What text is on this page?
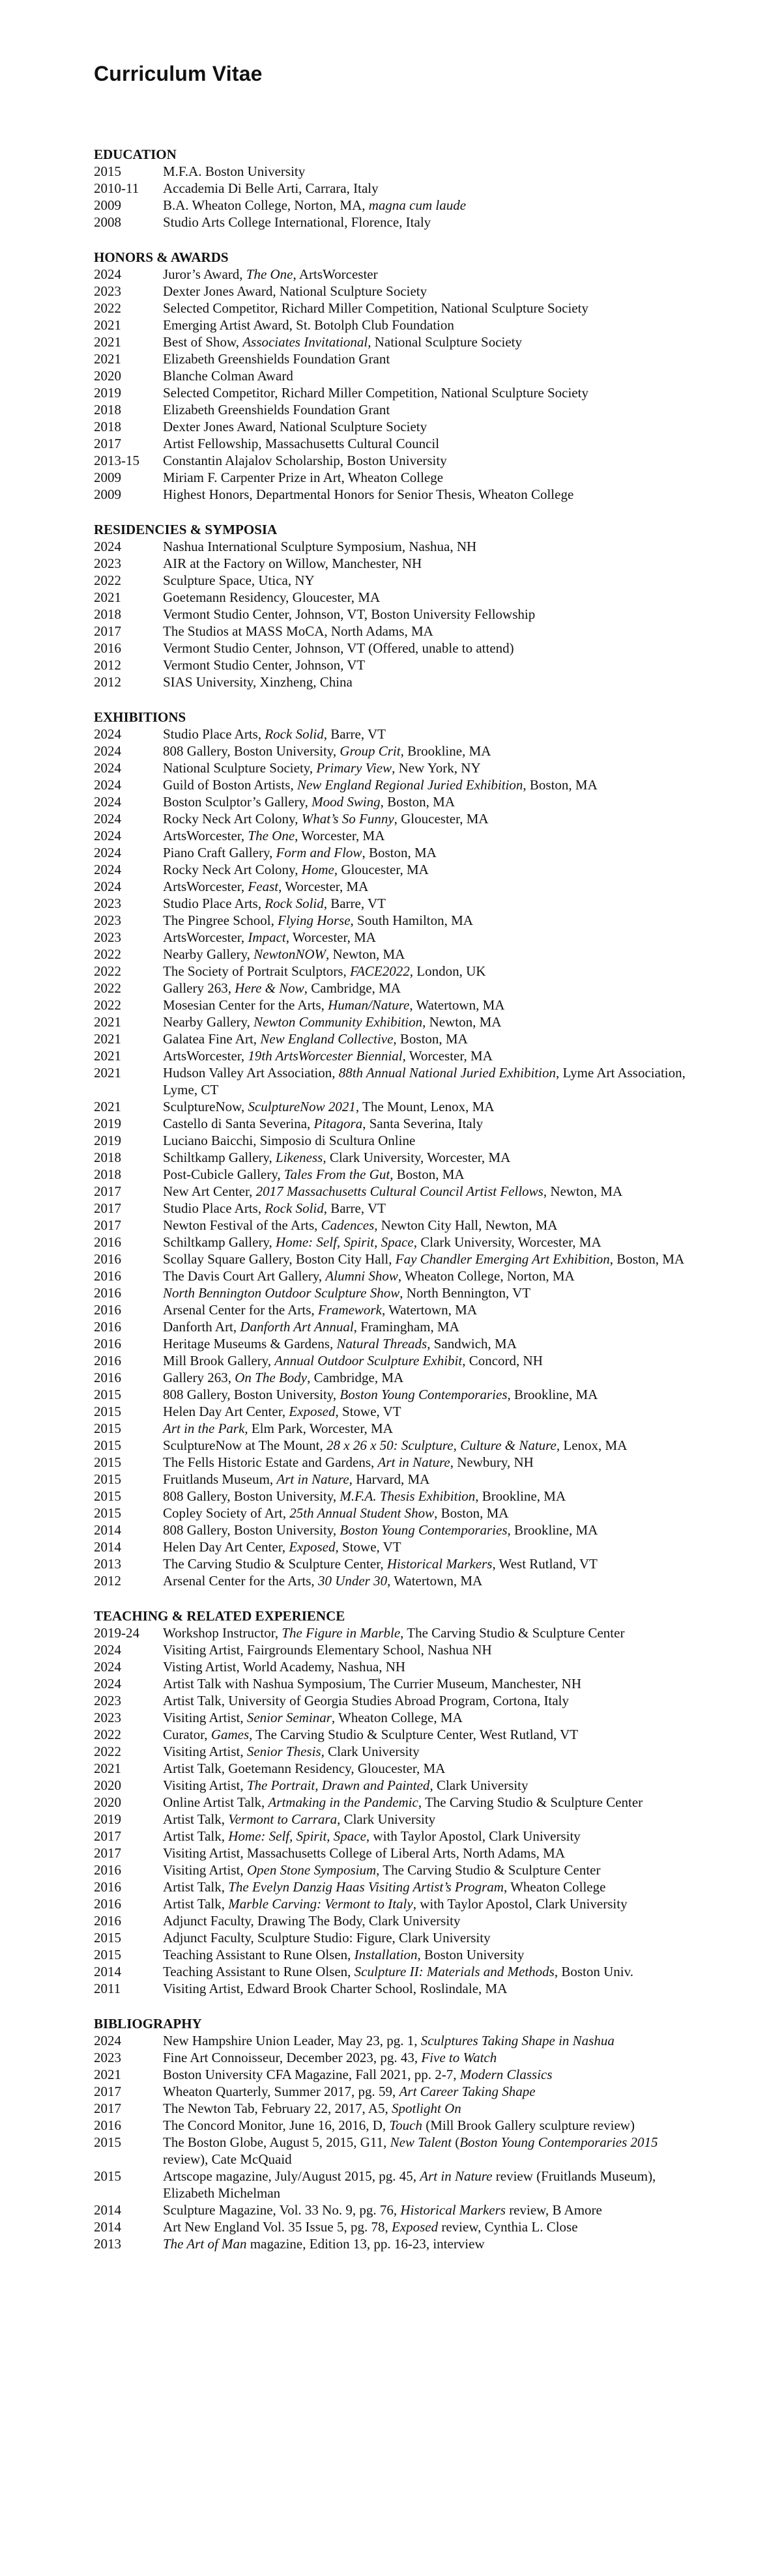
Curriculum Vitae
EDUCATION
2015	M.F.A. Boston University
2010-11	Accademia Di Belle Arti, Carrara, Italy
2009	B.A. Wheaton College, Norton, MA, magna cum laude
2008	Studio Arts College International, Florence, Italy
HONORS & AWARDS
2024	Juror’s Award, The One, ArtsWorcester
2023	Dexter Jones Award, National Sculpture Society
2022	Selected Competitor, Richard Miller Competition, National Sculpture Society
2021	Emerging Artist Award, St. Botolph Club Foundation
2021	Best of Show, Associates Invitational, National Sculpture Society
2021	Elizabeth Greenshields Foundation Grant
2020	Blanche Colman Award
2019	Selected Competitor, Richard Miller Competition, National Sculpture Society
2018	Elizabeth Greenshields Foundation Grant
2018	Dexter Jones Award, National Sculpture Society
2017	Artist Fellowship, Massachusetts Cultural Council
2013-15	Constantin Alajalov Scholarship, Boston University
2009	Miriam F. Carpenter Prize in Art, Wheaton College
2009	Highest Honors, Departmental Honors for Senior Thesis, Wheaton College
RESIDENCIES & SYMPOSIA
2024	Nashua International Sculpture Symposium, Nashua, NH
2023	AIR at the Factory on Willow, Manchester, NH
2022	Sculpture Space, Utica, NY
2021	Goetemann Residency, Gloucester, MA
2018	Vermont Studio Center, Johnson, VT, Boston University Fellowship
2017	The Studios at MASS MoCA, North Adams, MA
2016	Vermont Studio Center, Johnson, VT (Offered, unable to attend)
2012	Vermont Studio Center, Johnson, VT
2012	SIAS University, Xinzheng, China
EXHIBITIONS
2024	Studio Place Arts, Rock Solid, Barre, VT
2024	808 Gallery, Boston University, Group Crit, Brookline, MA
2024	National Sculpture Society, Primary View, New York, NY
2024	Guild of Boston Artists, New England Regional Juried Exhibition, Boston, MA
2024	Boston Sculptor’s Gallery, Mood Swing, Boston, MA
2024	Rocky Neck Art Colony, What’s So Funny, Gloucester, MA
2024	ArtsWorcester, The One, Worcester, MA
2024	Piano Craft Gallery, Form and Flow, Boston, MA
2024	Rocky Neck Art Colony, Home, Gloucester, MA
2024	ArtsWorcester, Feast, Worcester, MA
2023	Studio Place Arts, Rock Solid, Barre, VT
2023	The Pingree School, Flying Horse, South Hamilton, MA
2023	ArtsWorcester, Impact, Worcester, MA
2022	Nearby Gallery, NewtonNOW, Newton, MA
2022	The Society of Portrait Sculptors, FACE2022, London, UK
2022	Gallery 263, Here & Now, Cambridge, MA
2022	Mosesian Center for the Arts, Human/Nature, Watertown, MA
2021	Nearby Gallery, Newton Community Exhibition, Newton, MA
2021	Galatea Fine Art, New England Collective, Boston, MA
2021	ArtsWorcester, 19th ArtsWorcester Biennial, Worcester, MA
2021	Hudson Valley Art Association, 88th Annual National Juried Exhibition, Lyme Art Association, Lyme, CT
2021	SculptureNow, SculptureNow 2021, The Mount, Lenox, MA
2019	Castello di Santa Severina, Pitagora, Santa Severina, Italy
2019	Luciano Baicchi, Simposio di Scultura Online
2018	Schiltkamp Gallery, Likeness, Clark University, Worcester, MA
2018	Post-Cubicle Gallery, Tales From the Gut, Boston, MA
2017	New Art Center, 2017 Massachusetts Cultural Council Artist Fellows, Newton, MA
2017	Studio Place Arts, Rock Solid, Barre, VT
2017	Newton Festival of the Arts, Cadences, Newton City Hall, Newton, MA
2016	Schiltkamp Gallery, Home: Self, Spirit, Space, Clark University, Worcester, MA
2016	Scollay Square Gallery, Boston City Hall, Fay Chandler Emerging Art Exhibition, Boston, MA
2016	The Davis Court Art Gallery, Alumni Show, Wheaton College, Norton, MA
2016	North Bennington Outdoor Sculpture Show, North Bennington, VT
2016	Arsenal Center for the Arts, Framework, Watertown, MA
2016	Danforth Art, Danforth Art Annual, Framingham, MA
2016	Heritage Museums & Gardens, Natural Threads, Sandwich, MA
2016	Mill Brook Gallery, Annual Outdoor Sculpture Exhibit, Concord, NH
2016	Gallery 263, On The Body, Cambridge, MA
2015	808 Gallery, Boston University, Boston Young Contemporaries, Brookline, MA
2015	Helen Day Art Center, Exposed, Stowe, VT
2015	Art in the Park, Elm Park, Worcester, MA
2015	SculptureNow at The Mount, 28 x 26 x 50: Sculpture, Culture & Nature, Lenox, MA
2015	The Fells Historic Estate and Gardens, Art in Nature, Newbury, NH
2015	Fruitlands Museum, Art in Nature, Harvard, MA
2015	808 Gallery, Boston University, M.F.A. Thesis Exhibition, Brookline, MA
2015	Copley Society of Art, 25th Annual Student Show, Boston, MA
2014	808 Gallery, Boston University, Boston Young Contemporaries, Brookline, MA
2014	Helen Day Art Center, Exposed, Stowe, VT
2013	The Carving Studio & Sculpture Center, Historical Markers, West Rutland, VT
2012	Arsenal Center for the Arts, 30 Under 30, Watertown, MA
TEACHING & RELATED EXPERIENCE
2019-24	Workshop Instructor, The Figure in Marble, The Carving Studio & Sculpture Center
2024	Visiting Artist, Fairgrounds Elementary School, Nashua NH
2024	Visting Artist, World Academy, Nashua, NH
2024	Artist Talk with Nashua Symposium, The Currier Museum, Manchester, NH
2023	Artist Talk, University of Georgia Studies Abroad Program, Cortona, Italy
2023	Visiting Artist, Senior Seminar, Wheaton College, MA
2022	Curator, Games, The Carving Studio & Sculpture Center, West Rutland, VT
2022	Visiting Artist, Senior Thesis, Clark University
2021	Artist Talk, Goetemann Residency, Gloucester, MA
2020	Visiting Artist, The Portrait, Drawn and Painted, Clark University
2020	Online Artist Talk, Artmaking in the Pandemic, The Carving Studio & Sculpture Center
2019	Artist Talk, Vermont to Carrara, Clark University
2017	Artist Talk, Home: Self, Spirit, Space, with Taylor Apostol, Clark University
2017	Visiting Artist, Massachusetts College of Liberal Arts, North Adams, MA
2016	Visiting Artist, Open Stone Symposium, The Carving Studio & Sculpture Center
2016	Artist Talk, The Evelyn Danzig Haas Visiting Artist’s Program, Wheaton College
2016	Artist Talk, Marble Carving: Vermont to Italy, with Taylor Apostol, Clark University
2016	Adjunct Faculty, Drawing The Body, Clark University
2015	Adjunct Faculty, Sculpture Studio: Figure, Clark University
2015	Teaching Assistant to Rune Olsen, Installation, Boston University
2014	Teaching Assistant to Rune Olsen, Sculpture II: Materials and Methods, Boston Univ.
2011	Visiting Artist, Edward Brook Charter School, Roslindale, MA
BIBLIOGRAPHY
2024	New Hampshire Union Leader, May 23, pg. 1, Sculptures Taking Shape in Nashua
2023	Fine Art Connoisseur, December 2023, pg. 43, Five to Watch
2021	Boston University CFA Magazine, Fall 2021, pp. 2-7, Modern Classics
2017	Wheaton Quarterly, Summer 2017, pg. 59, Art Career Taking Shape
2017	The Newton Tab, February 22, 2017, A5, Spotlight On
2016	The Concord Monitor, June 16, 2016, D, Touch (Mill Brook Gallery sculpture review)
2015	The Boston Globe, August 5, 2015, G11, New Talent (Boston Young Contemporaries 2015 review), Cate McQuaid
2015	Artscope magazine, July/August 2015, pg. 45, Art in Nature review (Fruitlands Museum), Elizabeth Michelman
2014	Sculpture Magazine, Vol. 33 No. 9, pg. 76, Historical Markers review, B Amore
2014	Art New England Vol. 35 Issue 5, pg. 78, Exposed review, Cynthia L. Close
2013	The Art of Man magazine, Edition 13, pp. 16-23, interview
